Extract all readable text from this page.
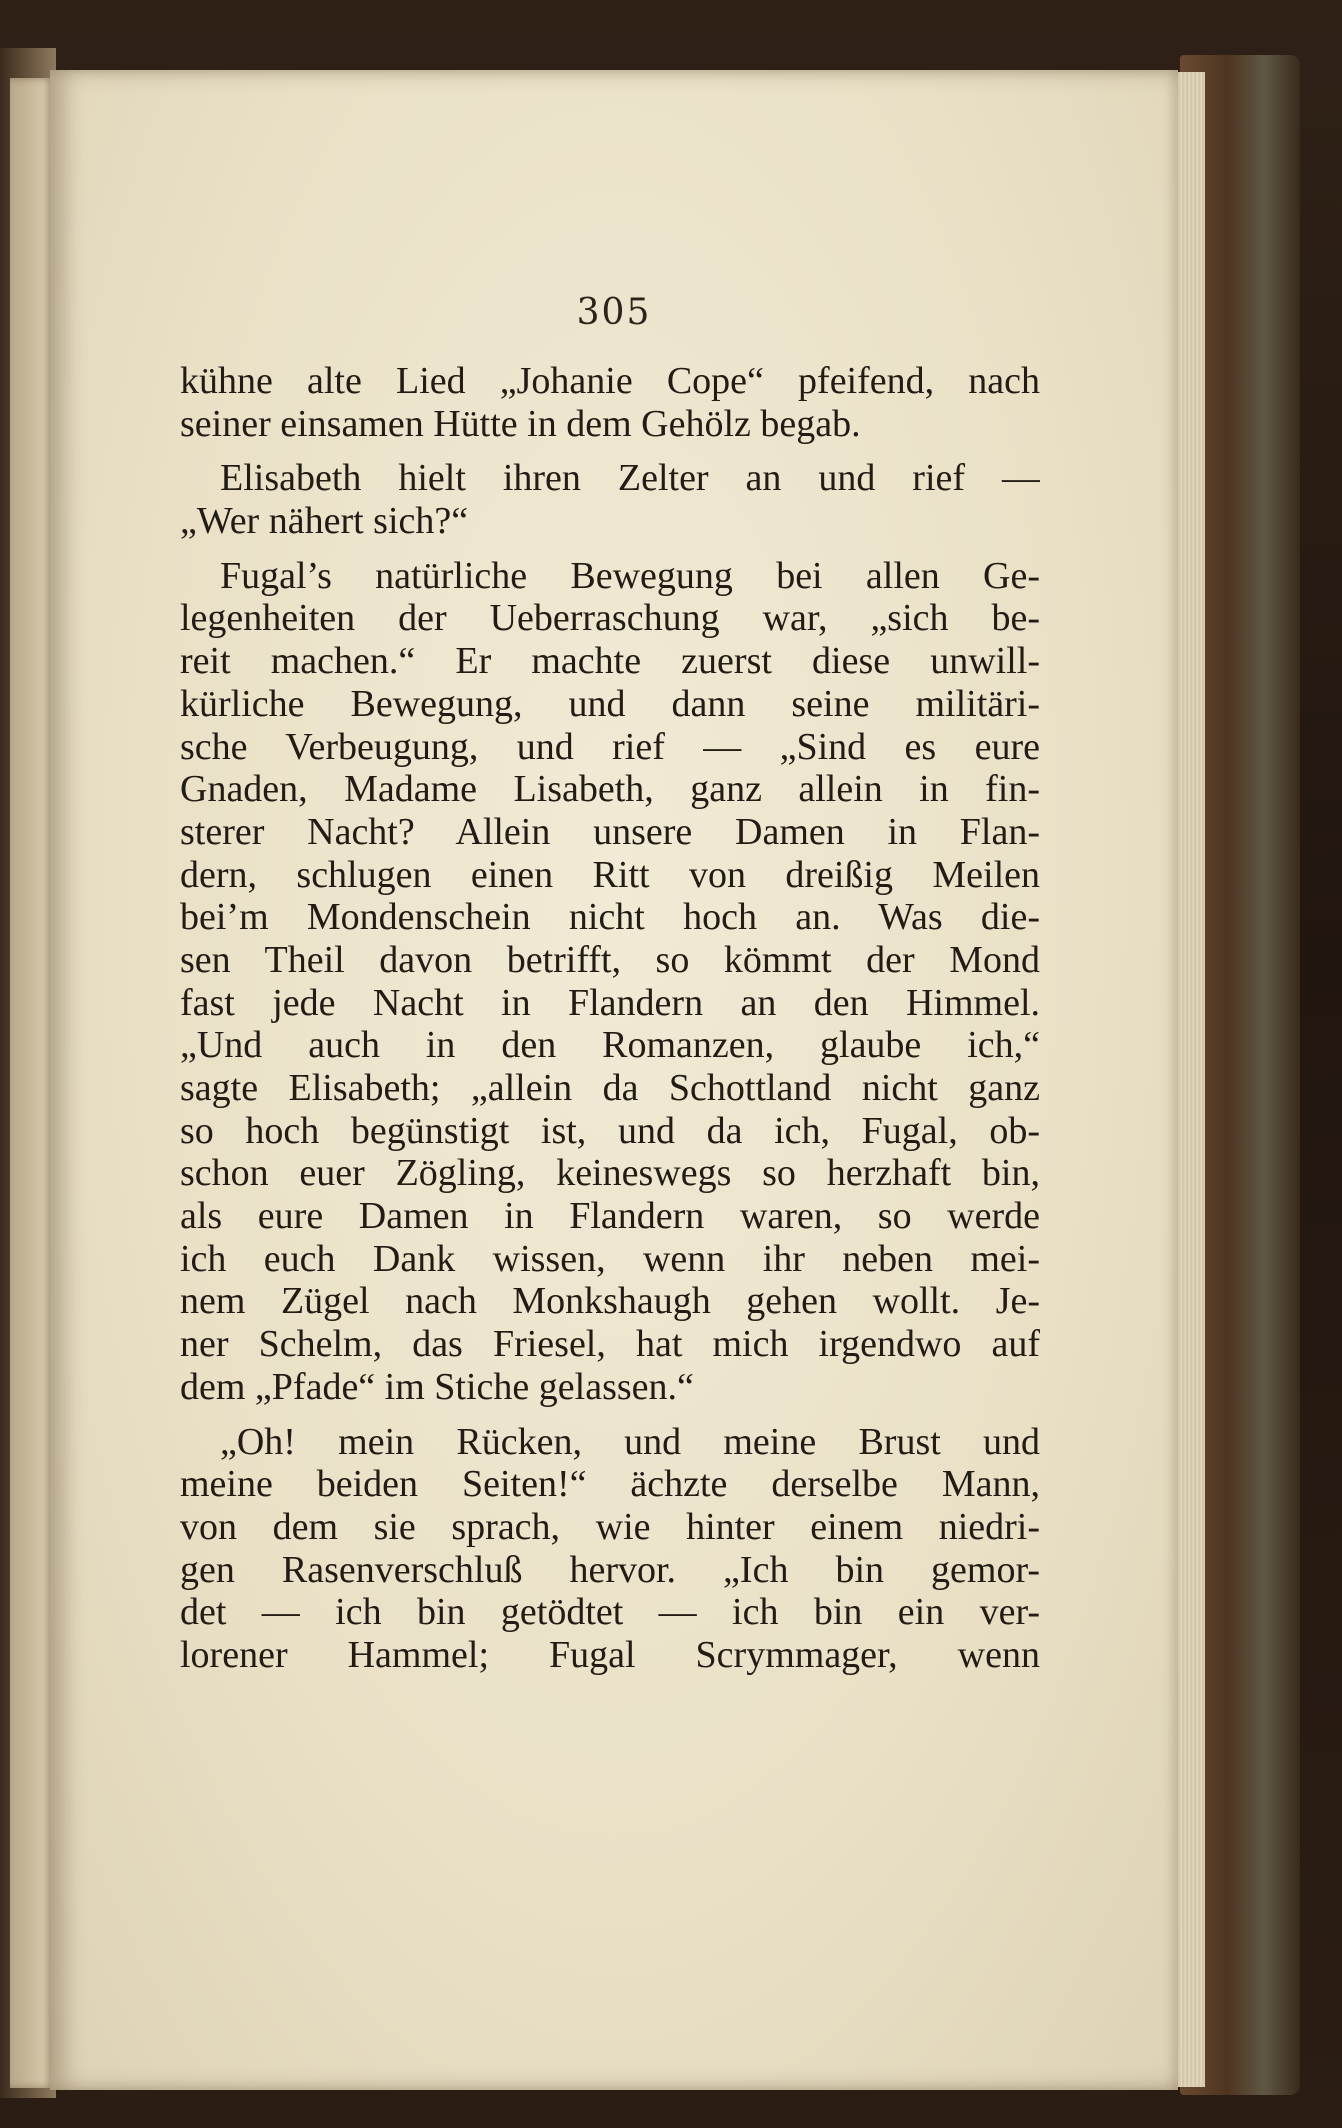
305
kühne alte Lied „Johanie Cope“ pfeifend, nach
seiner einsamen Hütte in dem Gehölz begab.
Elisabeth hielt ihren Zelter an und rief —
„Wer nähert sich?“
Fugal’s natürliche Bewegung bei allen Ge-
legenheiten der Ueberraschung war, „sich be-
reit machen.“ Er machte zuerst diese unwill-
kürliche Bewegung, und dann seine militäri-
sche Verbeugung, und rief — „Sind es eure
Gnaden, Madame Lisabeth, ganz allein in fin-
sterer Nacht? Allein unsere Damen in Flan-
dern, schlugen einen Ritt von dreißig Meilen
bei’m Mondenschein nicht hoch an. Was die-
sen Theil davon betrifft, so kömmt der Mond
fast jede Nacht in Flandern an den Himmel.
„Und auch in den Romanzen, glaube ich,“
sagte Elisabeth; „allein da Schottland nicht ganz
so hoch begünstigt ist, und da ich, Fugal, ob-
schon euer Zögling, keineswegs so herzhaft bin,
als eure Damen in Flandern waren, so werde
ich euch Dank wissen, wenn ihr neben mei-
nem Zügel nach Monkshaugh gehen wollt. Je-
ner Schelm, das Friesel, hat mich irgendwo auf
dem „Pfade“ im Stiche gelassen.“
„Oh! mein Rücken, und meine Brust und
meine beiden Seiten!“ ächzte derselbe Mann,
von dem sie sprach, wie hinter einem niedri-
gen Rasenverschluß hervor. „Ich bin gemor-
det — ich bin getödtet — ich bin ein ver-
lorener Hammel; Fugal Scrymmager, wenn
